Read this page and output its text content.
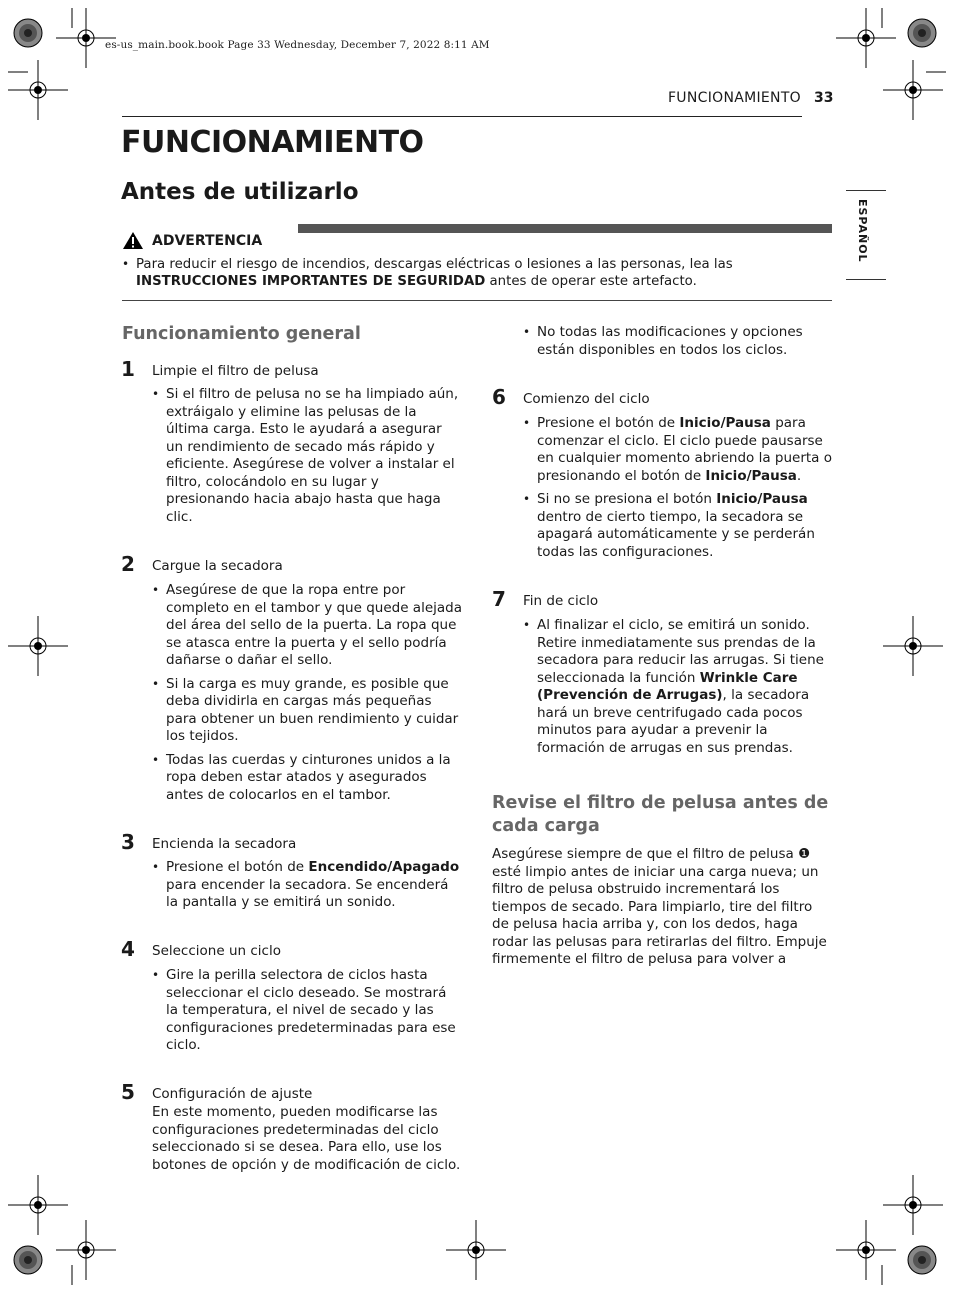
es-us_main.book.book Page 33 Wednesday, December 7, 2022 8:11 AM
FUNCIONAMIENTO 33
ESPAÑOL
FUNCIONAMIENTO
Antes de utilizarlo
ADVERTENCIA
• Para reducir el riesgo de incendios, descargas eléctricas o lesiones a las personas, lea las
INSTRUCCIONES IMPORTANTES DE SEGURIDAD antes de operar este artefacto.
Funcionamiento general
1 Limpie el filtro de pelusa
• Si el filtro de pelusa no se ha limpiado aún, extráigalo y elimine las pelusas de la última carga. Esto le ayudará a asegurar un rendimiento de secado más rápido y eficiente. Asegúrese de volver a instalar el filtro, colocándolo en su lugar y presionando hacia abajo hasta que haga clic.
2 Cargue la secadora
• Asegúrese de que la ropa entre por completo en el tambor y que quede alejada del área del sello de la puerta. La ropa que se atasca entre la puerta y el sello podría dañarse o dañar el sello.
• Si la carga es muy grande, es posible que deba dividirla en cargas más pequeñas para obtener un buen rendimiento y cuidar los tejidos.
• Todas las cuerdas y cinturones unidos a la ropa deben estar atados y asegurados antes de colocarlos en el tambor.
3 Encienda la secadora
• Presione el botón de Encendido/Apagado para encender la secadora. Se encenderá la pantalla y se emitirá un sonido.
4 Seleccione un ciclo
• Gire la perilla selectora de ciclos hasta seleccionar el ciclo deseado. Se mostrará la temperatura, el nivel de secado y las configuraciones predeterminadas para ese ciclo.
5 Configuración de ajuste
En este momento, pueden modificarse las configuraciones predeterminadas del ciclo seleccionado si se desea. Para ello, use los botones de opción y de modificación de ciclo.
• No todas las modificaciones y opciones están disponibles en todos los ciclos.
6 Comienzo del ciclo
• Presione el botón de Inicio/Pausa para comenzar el ciclo. El ciclo puede pausarse en cualquier momento abriendo la puerta o presionando el botón de Inicio/Pausa.
• Si no se presiona el botón Inicio/Pausa dentro de cierto tiempo, la secadora se apagará automáticamente y se perderán todas las configuraciones.
7 Fin de ciclo
• Al finalizar el ciclo, se emitirá un sonido. Retire inmediatamente sus prendas de la secadora para reducir las arrugas. Si tiene seleccionada la función Wrinkle Care (Prevención de Arrugas), la secadora hará un breve centrifugado cada pocos minutos para ayudar a prevenir la formación de arrugas en sus prendas.
Revise el filtro de pelusa antes de cada carga
Asegúrese siempre de que el filtro de pelusa ❶ esté limpio antes de iniciar una carga nueva; un filtro de pelusa obstruido incrementará los tiempos de secado. Para limpiarlo, tire del filtro de pelusa hacia arriba y, con los dedos, haga rodar las pelusas para retirarlas del filtro. Empuje firmemente el filtro de pelusa para volver a
